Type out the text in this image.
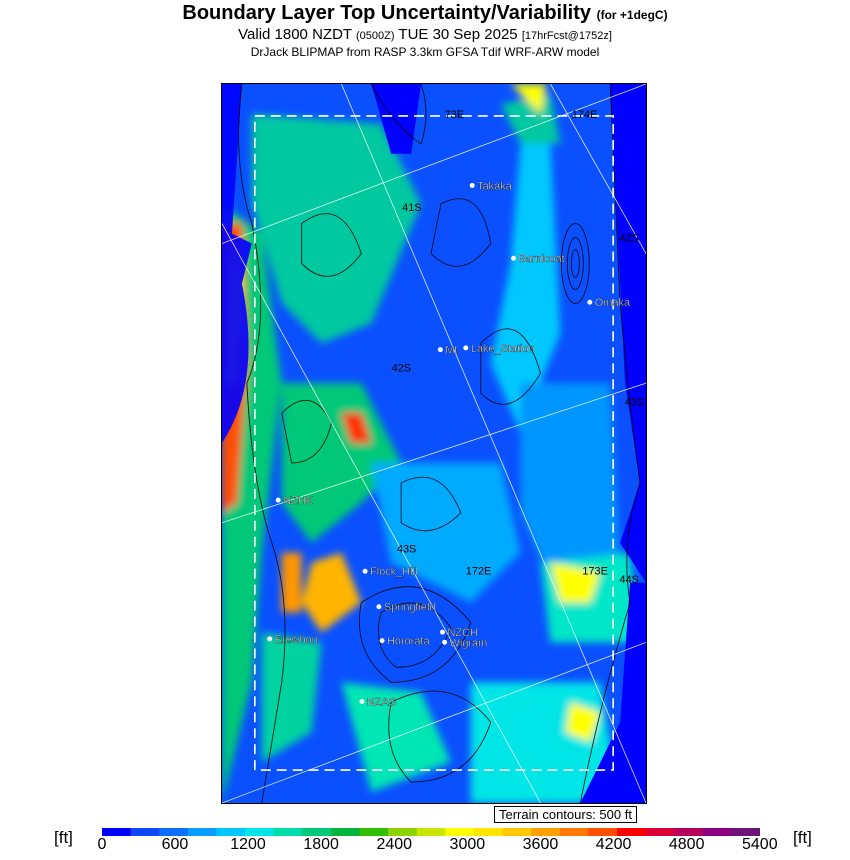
Boundary Layer Top Uncertainty/Variability (for +1degC)
Valid 1800 NZDT (0500Z) TUE 30 Sep 2025 [17hrFcst@1752z]
DrJack BLIPMAP from RASP 3.3km GFSA Tdif WRF-ARW model
41S
42S
43S
42S
43S
44S
73E	174E
172E	173E
Takaka
Omaka
Barnicoat
Lake_Station
Mt
NZHK
Flock_Hill
NZCH
Wigram
Springfield
Hororata
NZAS
Erewhon
Terrain contours: 500 ft
[ft]	[ft]
0	600	1200 1800 2400 3000 3600 4200 4800 5400
